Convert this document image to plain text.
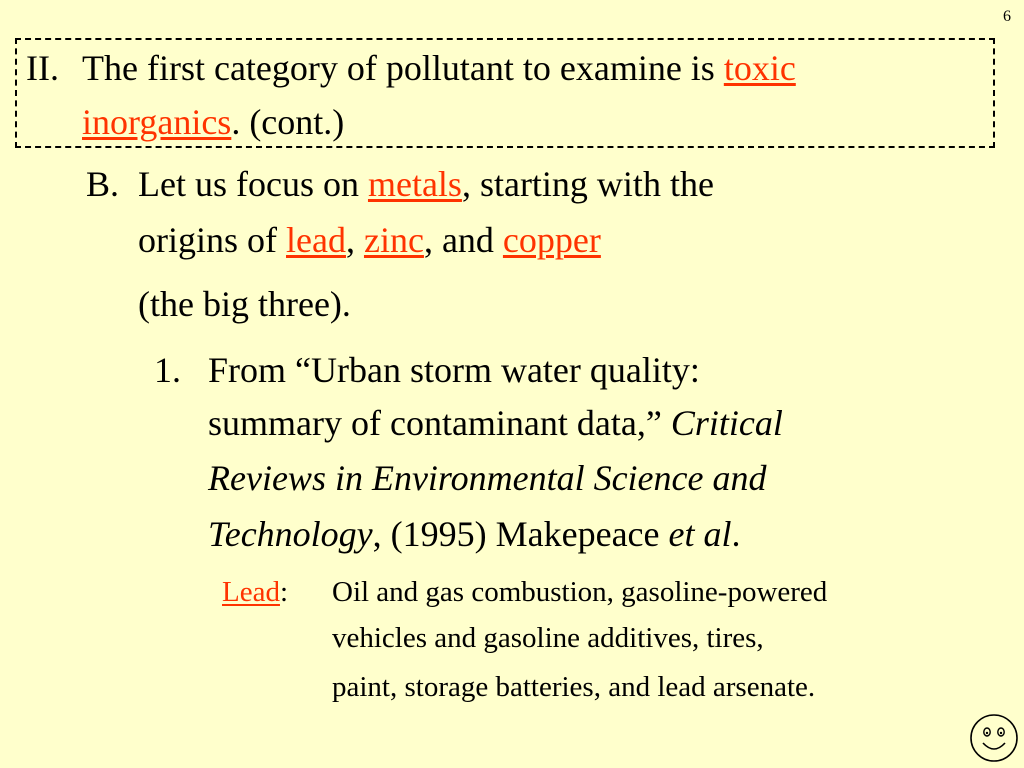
6
II. The first category of pollutant to examine is toxic
inorganics. (cont.)
B. Let us focus on metals, starting with the
origins of lead, zinc, and copper
(the big three).
1. From “Urban storm water quality:
summary of contaminant data,” Critical
Reviews in Environmental Science and
Technology, (1995) Makepeace et al.
Lead: Oil and gas combustion, gasoline-powered
vehicles and gasoline additives, tires,
paint, storage batteries, and lead arsenate.
